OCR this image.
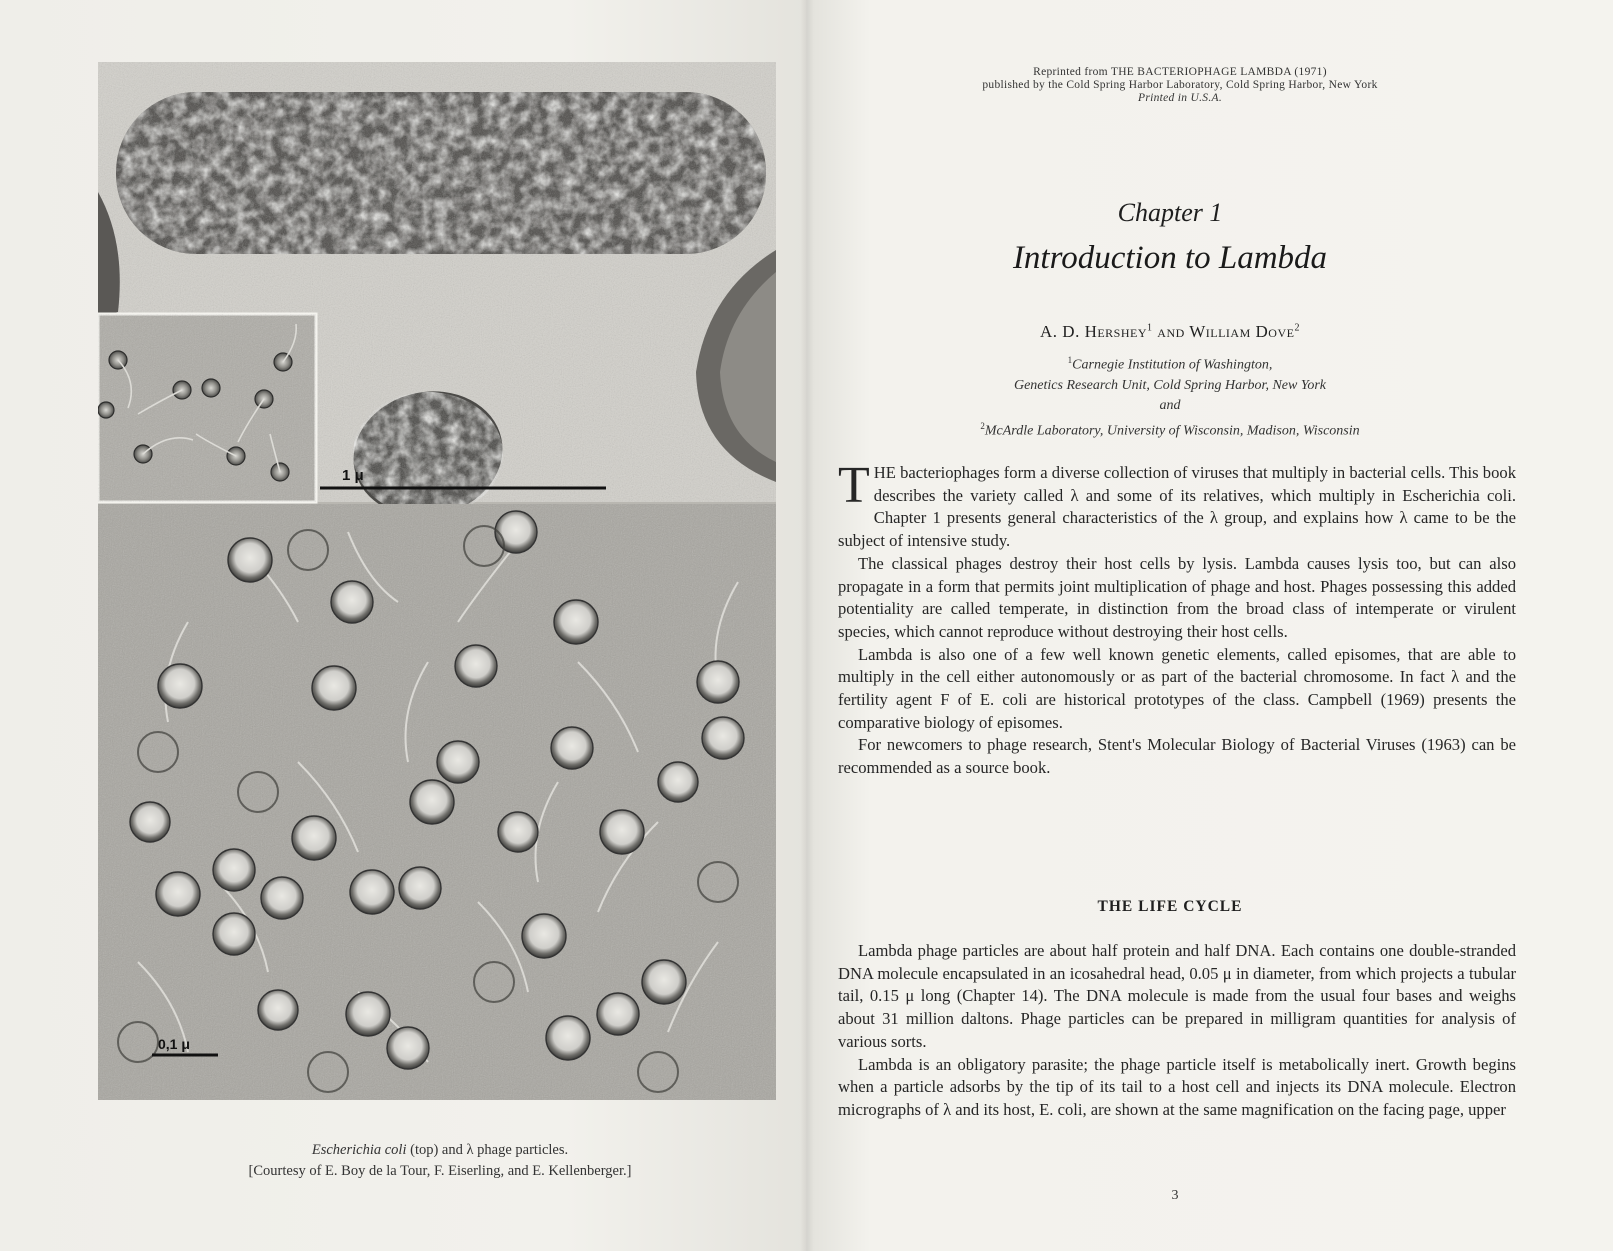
1 μ
0,1 μ
Escherichia coli (top) and λ phage particles.
[Courtesy of E. Boy de la Tour, F. Eiserling, and E. Kellenberger.]
Reprinted from THE BACTERIOPHAGE LAMBDA (1971)
published by the Cold Spring Harbor Laboratory, Cold Spring Harbor, New York
Printed in U.S.A.
Chapter 1
Introduction to Lambda
A. D. Hershey$^1$ and William Dove$^2$
$^1$Carnegie Institution of Washington,
Genetics Research Unit, Cold Spring Harbor, New York
and
$^2$McArdle Laboratory, University of Wisconsin, Madison, Wisconsin

THE bacteriophages form a diverse collection of viruses that multiply in bacterial cells. This book describes the variety called λ and some of its relatives, which multiply in Escherichia coli. Chapter 1 presents general characteristics of the λ group, and explains how λ came to be the subject of intensive study.

The classical phages destroy their host cells by lysis. Lambda causes lysis too, but can also propagate in a form that permits joint multiplication of phage and host. Phages possessing this added potentiality are called temperate, in distinction from the broad class of intemperate or virulent species, which cannot reproduce without destroying their host cells.

Lambda is also one of a few well known genetic elements, called episomes, that are able to multiply in the cell either autonomously or as part of the bacterial chromosome. In fact λ and the fertility agent F of E. coli are historical prototypes of the class. Campbell (1969) presents the comparative biology of episomes.

For newcomers to phage research, Stent's Molecular Biology of Bacterial Viruses (1963) can be recommended as a source book.

THE LIFE CYCLE

Lambda phage particles are about half protein and half DNA. Each contains one double-stranded DNA molecule encapsulated in an icosahedral head, 0.05 μ in diameter, from which projects a tubular tail, 0.15 μ long (Chapter 14). The DNA molecule is made from the usual four bases and weighs about 31 million daltons. Phage particles can be prepared in milligram quantities for analysis of various sorts.

Lambda is an obligatory parasite; the phage particle itself is metabolically inert. Growth begins when a particle adsorbs by the tip of its tail to a host cell and injects its DNA molecule. Electron micrographs of λ and its host, E. coli, are shown at the same magnification on the facing page, upper

3
